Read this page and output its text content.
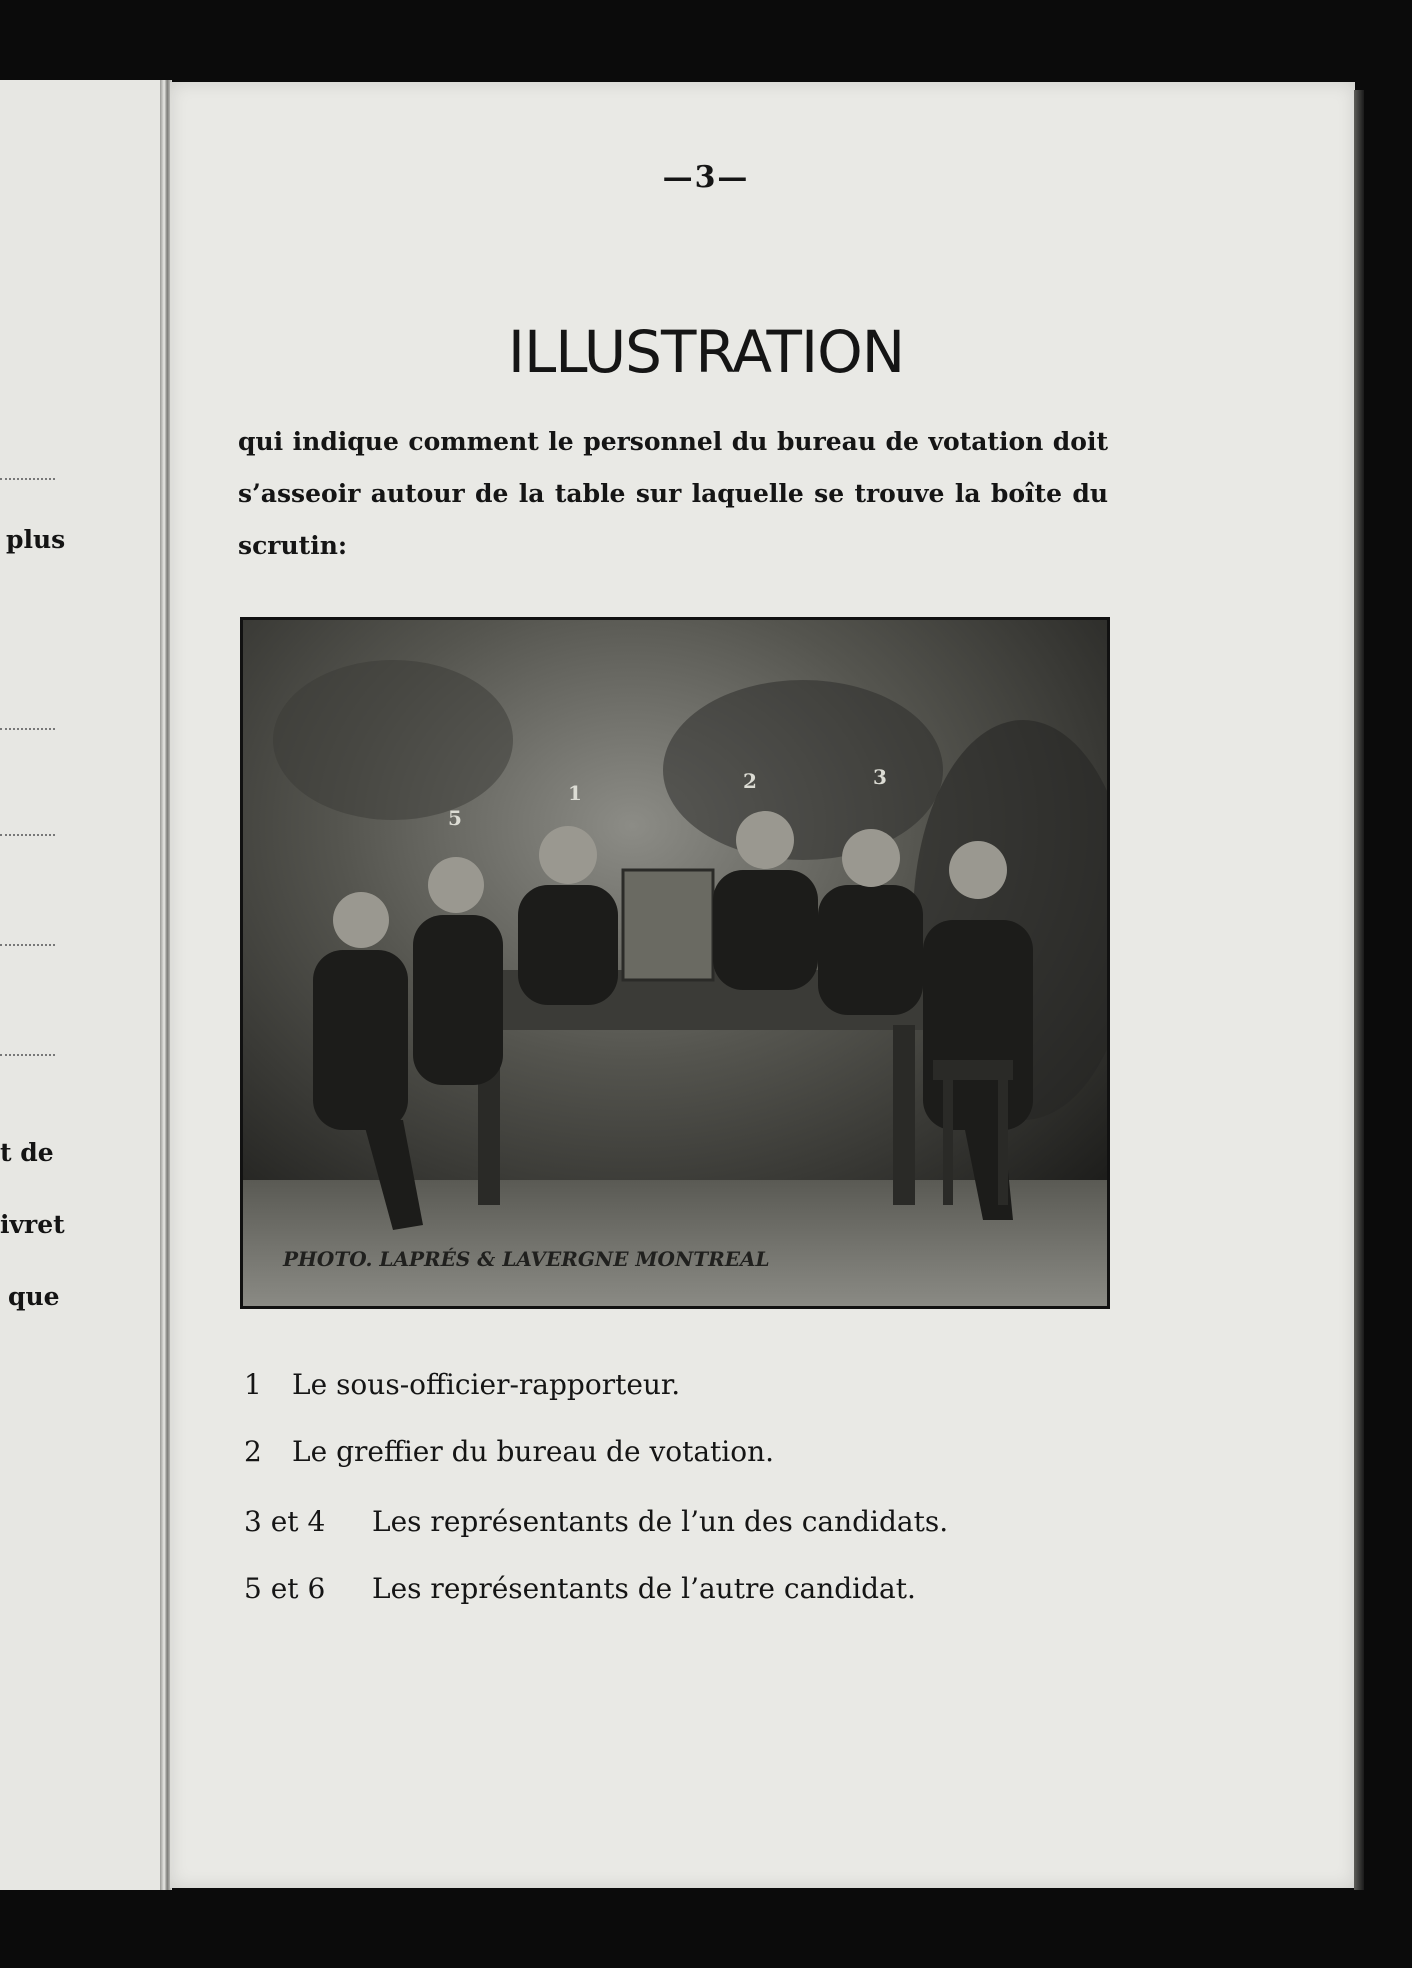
plus
t de
ivret
que
—3—
ILLUSTRATION

qui indique comment le personnel du bureau de votation doit s’asseoir autour de la table sur laquelle se trouve la boîte du scrutin:

5
1	2	3
PHOTO. LAPRÉS & LAVERGNE MONTREAL
1 Le sous-officier-rapporteur.
2 Le greffier du bureau de votation.
3 et 4 Les représentants de l’un des candidats.
5 et 6 Les représentants de l’autre candidat.
